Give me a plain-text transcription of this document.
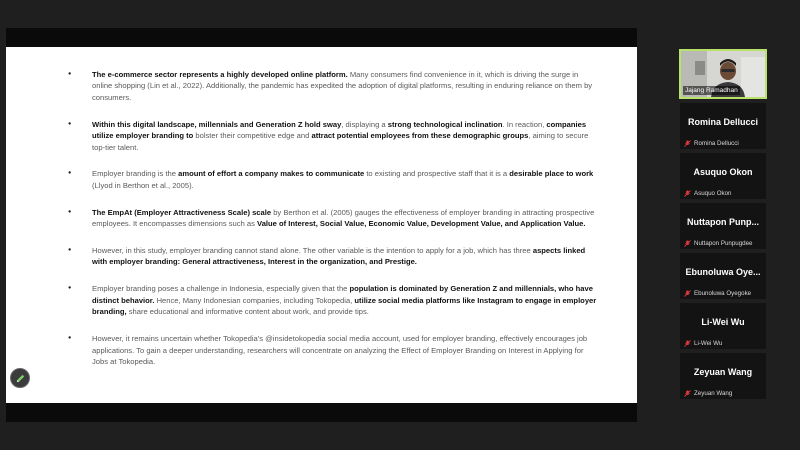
● The e-commerce sector represents a highly developed online platform. Many consumers find convenience in it, which is driving the surge in online shopping (Lin et al., 2022). Additionally, the pandemic has expedited the adoption of digital platforms, resulting in enduring reliance on them by consumers.
● Within this digital landscape, millennials and Generation Z hold sway, displaying a strong technological inclination. In reaction, companies utilize employer branding to bolster their competitive edge and attract potential employees from these demographic groups, aiming to secure top-tier talent.
● Employer branding is the amount of effort a company makes to communicate to existing and prospective staff that it is a desirable place to work (Llyod in Berthon et al., 2005).
● The EmpAt (Employer Attractiveness Scale) scale by Berthon et al. (2005) gauges the effectiveness of employer branding in attracting prospective employees. It encompasses dimensions such as Value of Interest, Social Value, Economic Value, Development Value, and Application Value.
● However, in this study, employer branding cannot stand alone. The other variable is the intention to apply for a job, which has three aspects linked with employer branding: General attractiveness, Interest in the organization, and Prestige.
● Employer branding poses a challenge in Indonesia, especially given that the population is dominated by Generation Z and millennials, who have distinct behavior. Hence, Many Indonesian companies, including Tokopedia, utilize social media platforms like Instagram to engage in employer branding, share educational and informative content about work, and provide tips.
● However, it remains uncertain whether Tokopedia's @insidetokopedia social media account, used for employer branding, effectively encourages job applications. To gain a deeper understanding, researchers will concentrate on analyzing the Effect of Employer Branding on Interest in Applying for Jobs at Tokopedia.
Jajang Ramadhan
Romina Dellucci
Romina Dellucci
Asuquo Okon
Asuquo Okon
Nuttapon Punp...
Nuttapon Punpugdee
Ebunoluwa Oye...
Ebunoluwa Oyegoke
Li-Wei Wu
Li-Wei Wu
Zeyuan Wang
Zeyuan Wang
